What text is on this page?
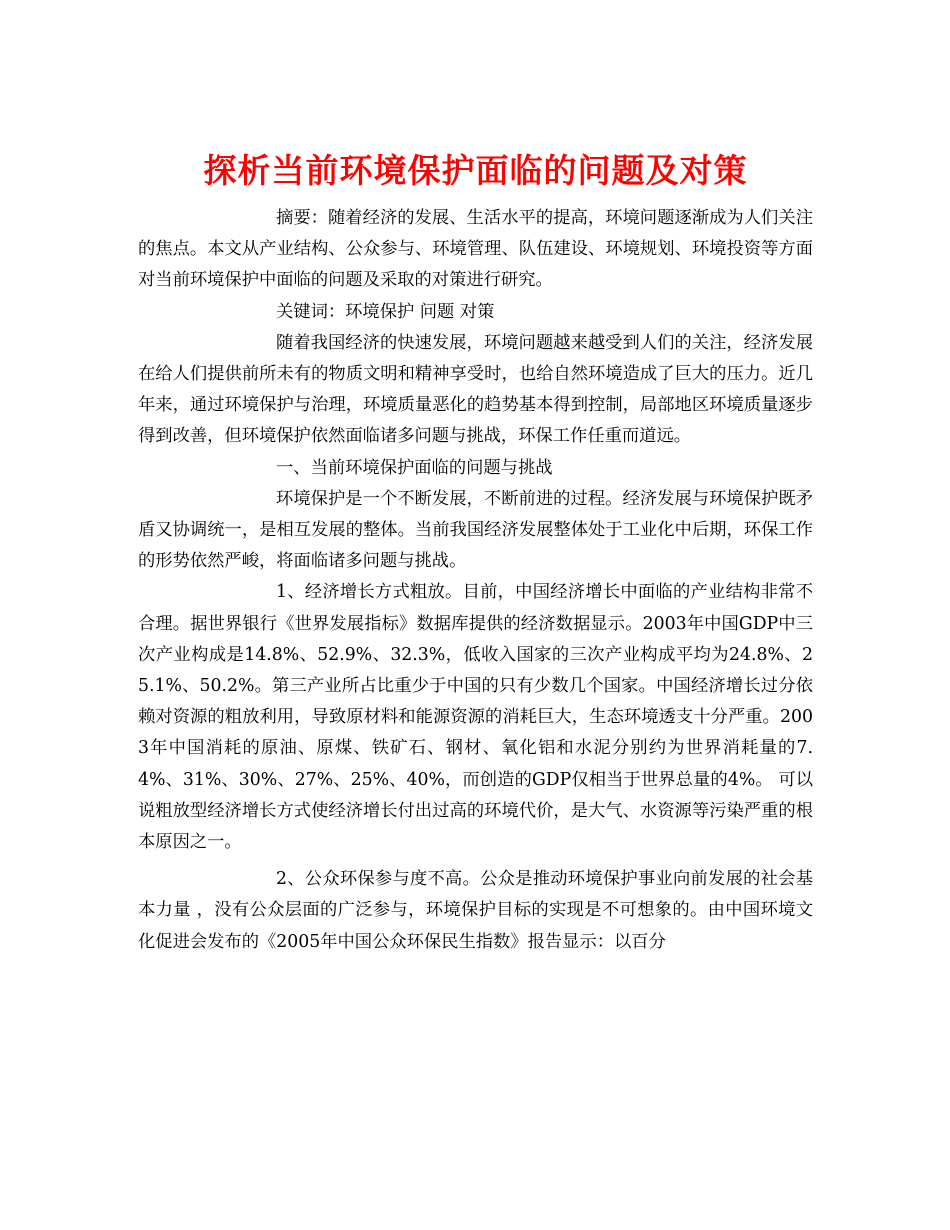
探析当前环境保护面临的问题及对策

摘要：随着经济的发展、生活水平的提高，环境问题逐渐成为人们关注的焦点。本文从产业结构、公众参与、环境管理、队伍建设、环境规划、环境投资等方面对当前环境保护中面临的问题及采取的对策进行研究。

关键词：环境保护 问题 对策

随着我国经济的快速发展，环境问题越来越受到人们的关注，经济发展在给人们提供前所未有的物质文明和精神享受时，也给自然环境造成了巨大的压力。近几年来，通过环境保护与治理，环境质量恶化的趋势基本得到控制，局部地区环境质量逐步得到改善，但环境保护依然面临诸多问题与挑战，环保工作任重而道远。

一、当前环境保护面临的问题与挑战

环境保护是一个不断发展，不断前进的过程。经济发展与环境保护既矛盾又协调统一，是相互发展的整体。当前我国经济发展整体处于工业化中后期，环保工作的形势依然严峻，将面临诸多问题与挑战。

1、经济增长方式粗放。目前，中国经济增长中面临的产业结构非常不合理。据世界银行《世界发展指标》数据库提供的经济数据显示。2003年中国GDP中三次产业构成是14.8%、52.9%、32.3%，低收入国家的三次产业构成平均为24.8%、25.1%、50.2%。第三产业所占比重少于中国的只有少数几个国家。中国经济增长过分依赖对资源的粗放利用，导致原材料和能源资源的消耗巨大，生态环境透支十分严重。2003年中国消耗的原油、原煤、铁矿石、钢材、氧化铝和水泥分别约为世界消耗量的7.4%、31%、30%、27%、25%、40%，而创造的GDP仅相当于世界总量的4%。 可以说粗放型经济增长方式使经济增长付出过高的环境代价，是大气、水资源等污染严重的根本原因之一。

2、公众环保参与度不高。公众是推动环境保护事业向前发展的社会基本力量 ，没有公众层面的广泛参与，环境保护目标的实现是不可想象的。由中国环境文化促进会发布的《2005年中国公众环保民生指数》报告显示：以百分
